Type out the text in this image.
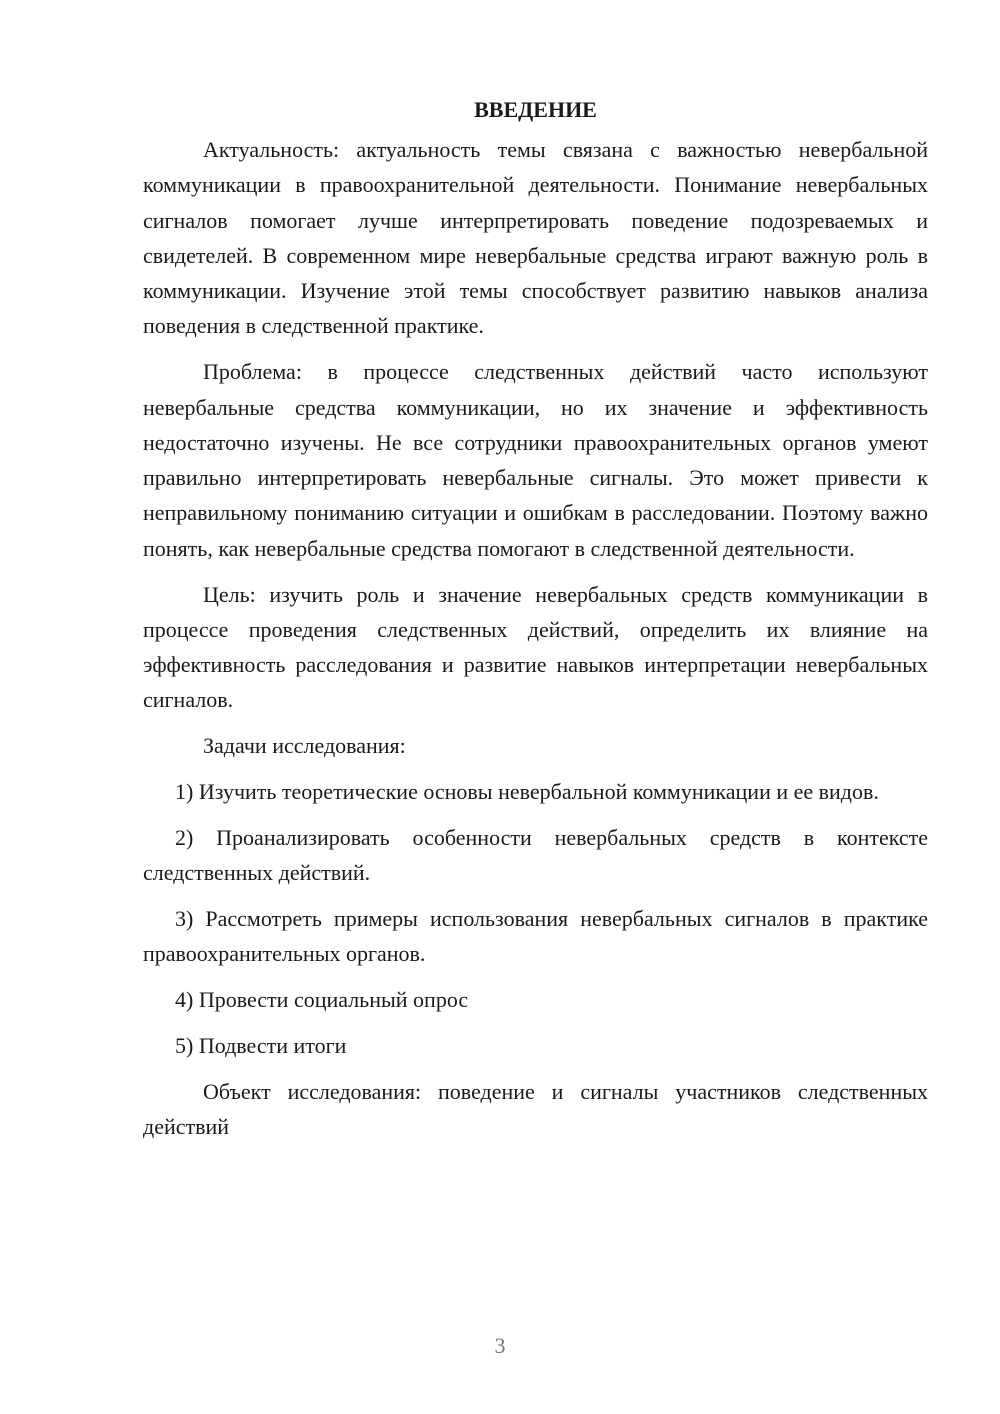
ВВЕДЕНИЕ

Актуальность: актуальность темы связана с важностью невербальной коммуникации в правоохранительной деятельности. Понимание невербальных сигналов помогает лучше интерпретировать поведение подозреваемых и свидетелей. В современном мире невербальные средства играют важную роль в коммуникации. Изучение этой темы способствует развитию навыков анализа поведения в следственной практике.

Проблема: в процессе следственных действий часто используют невербальные средства коммуникации, но их значение и эффективность недостаточно изучены. Не все сотрудники правоохранительных органов умеют правильно интерпретировать невербальные сигналы. Это может привести к неправильному пониманию ситуации и ошибкам в расследовании. Поэтому важно понять, как невербальные средства помогают в следственной деятельности.

Цель: изучить роль и значение невербальных средств коммуникации в процессе проведения следственных действий, определить их влияние на эффективность расследования и развитие навыков интерпретации невербальных сигналов.

Задачи исследования:

1) Изучить теоретические основы невербальной коммуникации и ее видов.

2) Проанализировать особенности невербальных средств в контексте следственных действий.

3) Рассмотреть примеры использования невербальных сигналов в практике правоохранительных органов.

4) Провести социальный опрос

5) Подвести итоги

Объект исследования: поведение и сигналы участников следственных действий

3
